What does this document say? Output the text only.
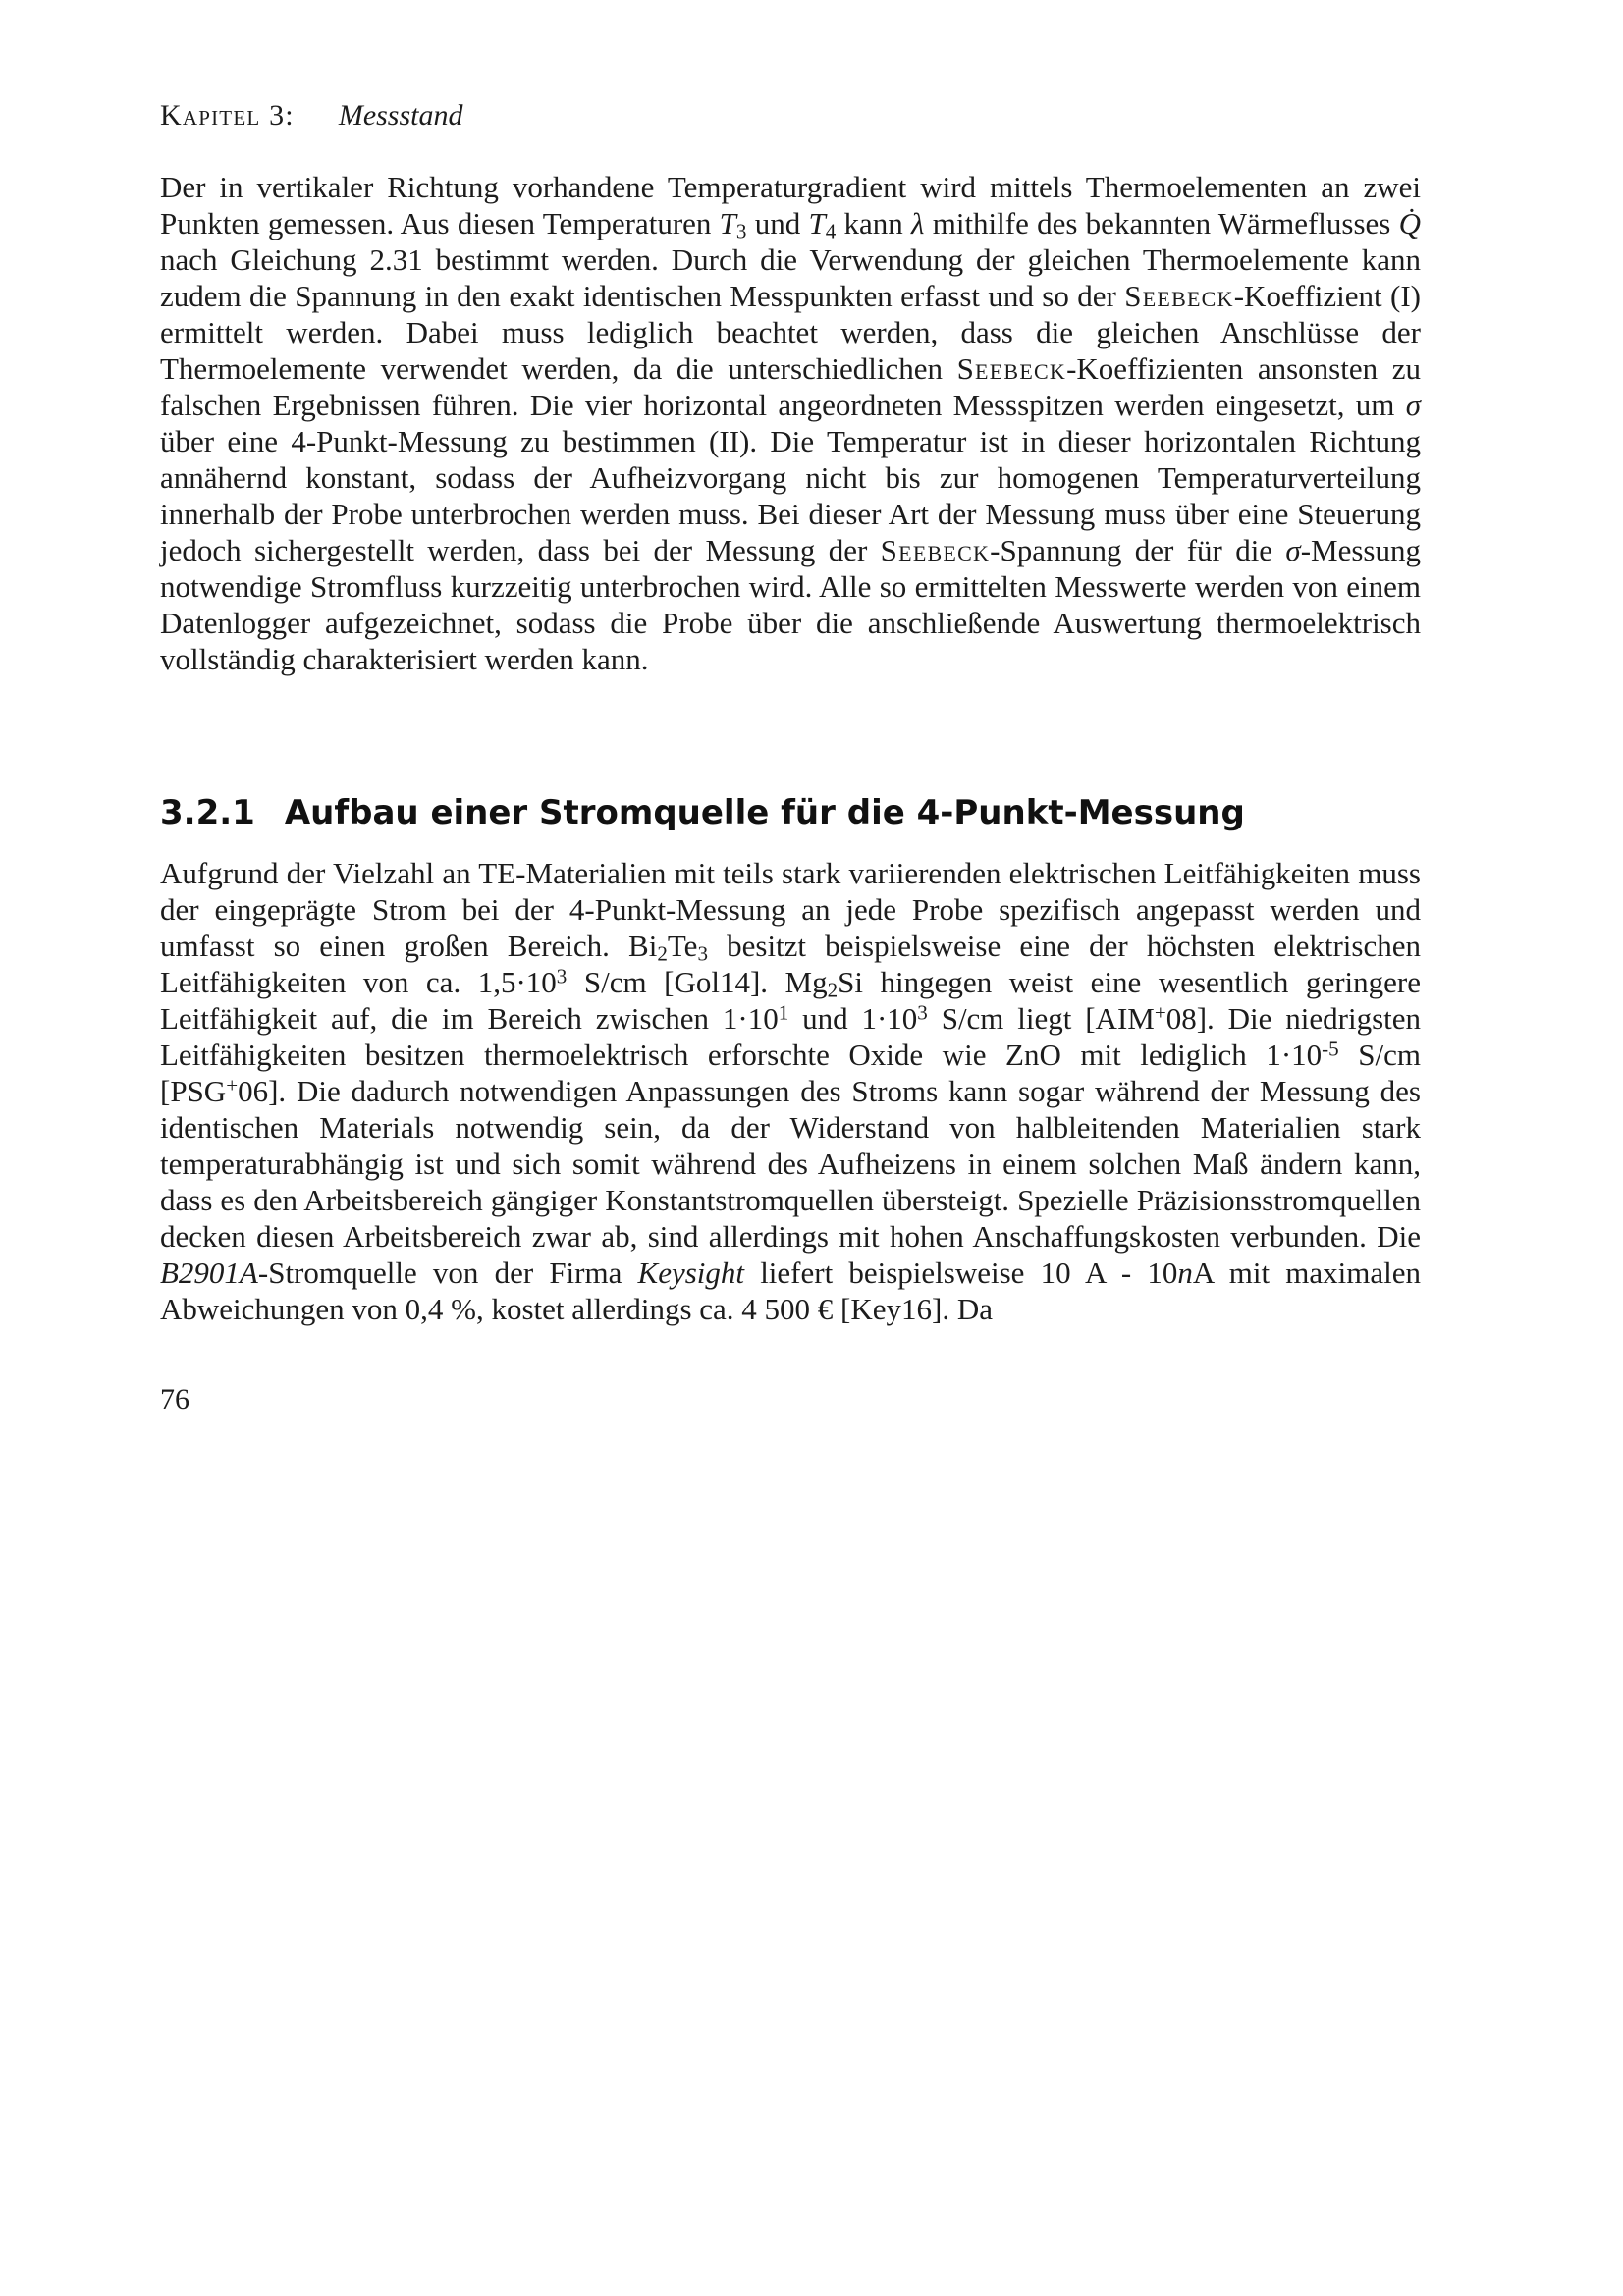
Kapitel 3:   Messstand
Der in vertikaler Richtung vorhandene Temperaturgradient wird mittels Thermoelementen an zwei Punkten gemessen. Aus diesen Temperaturen T3 und T4 kann λ mithilfe des bekannten Wärmeflusses Q̇ nach Gleichung 2.31 bestimmt werden. Durch die Verwendung der gleichen Thermoelemente kann zudem die Spannung in den exakt identischen Messpunkten erfasst und so der Seebeck-Koeffizient (I) ermittelt werden. Dabei muss lediglich beachtet werden, dass die gleichen Anschlüsse der Thermoelemente verwendet werden, da die unterschiedlichen Seebeck-Koeffizienten ansonsten zu falschen Ergebnissen führen. Die vier horizontal angeordneten Messspitzen werden eingesetzt, um σ über eine 4-Punkt-Messung zu bestimmen (II). Die Temperatur ist in dieser horizontalen Richtung annähernd konstant, sodass der Aufheizvorgang nicht bis zur homogenen Temperaturverteilung innerhalb der Probe unterbrochen werden muss. Bei dieser Art der Messung muss über eine Steuerung jedoch sichergestellt werden, dass bei der Messung der Seebeck-Spannung der für die σ-Messung notwendige Stromfluss kurzzeitig unterbrochen wird. Alle so ermittelten Messwerte werden von einem Datenlogger aufgezeichnet, sodass die Probe über die anschließende Auswertung thermoelektrisch vollständig charakterisiert werden kann.
3.2.1 Aufbau einer Stromquelle für die 4-Punkt-Messung
Aufgrund der Vielzahl an TE-Materialien mit teils stark variierenden elektrischen Leitfähigkeiten muss der eingeprägte Strom bei der 4-Punkt-Messung an jede Probe spezifisch angepasst werden und umfasst so einen großen Bereich. Bi2Te3 besitzt beispielsweise eine der höchsten elektrischen Leitfähigkeiten von ca. $1,5\cdot 10^3$ S/cm [Gol14]. Mg2Si hingegen weist eine wesentlich geringere Leitfähigkeit auf, die im Bereich zwischen $1\cdot 10^1$ und $1\cdot 10^3$ S/cm liegt [AIM+08]. Die niedrigsten Leitfähigkeiten besitzen thermoelektrisch erforschte Oxide wie ZnO mit lediglich $1\cdot 10^{-5}$ S/cm [PSG+06]. Die dadurch notwendigen Anpassungen des Stroms kann sogar während der Messung des identischen Materials notwendig sein, da der Widerstand von halbleitenden Materialien stark temperaturabhängig ist und sich somit während des Aufheizens in einem solchen Maß ändern kann, dass es den Arbeitsbereich gängiger Konstantstromquellen übersteigt. Spezielle Präzisionsstromquellen decken diesen Arbeitsbereich zwar ab, sind allerdings mit hohen Anschaffungskosten verbunden. Die B2901A-Stromquelle von der Firma Keysight liefert beispielsweise 10 A - 10nA mit maximalen Abweichungen von 0,4 %, kostet allerdings ca. 4 500 € [Key16]. Da
76
